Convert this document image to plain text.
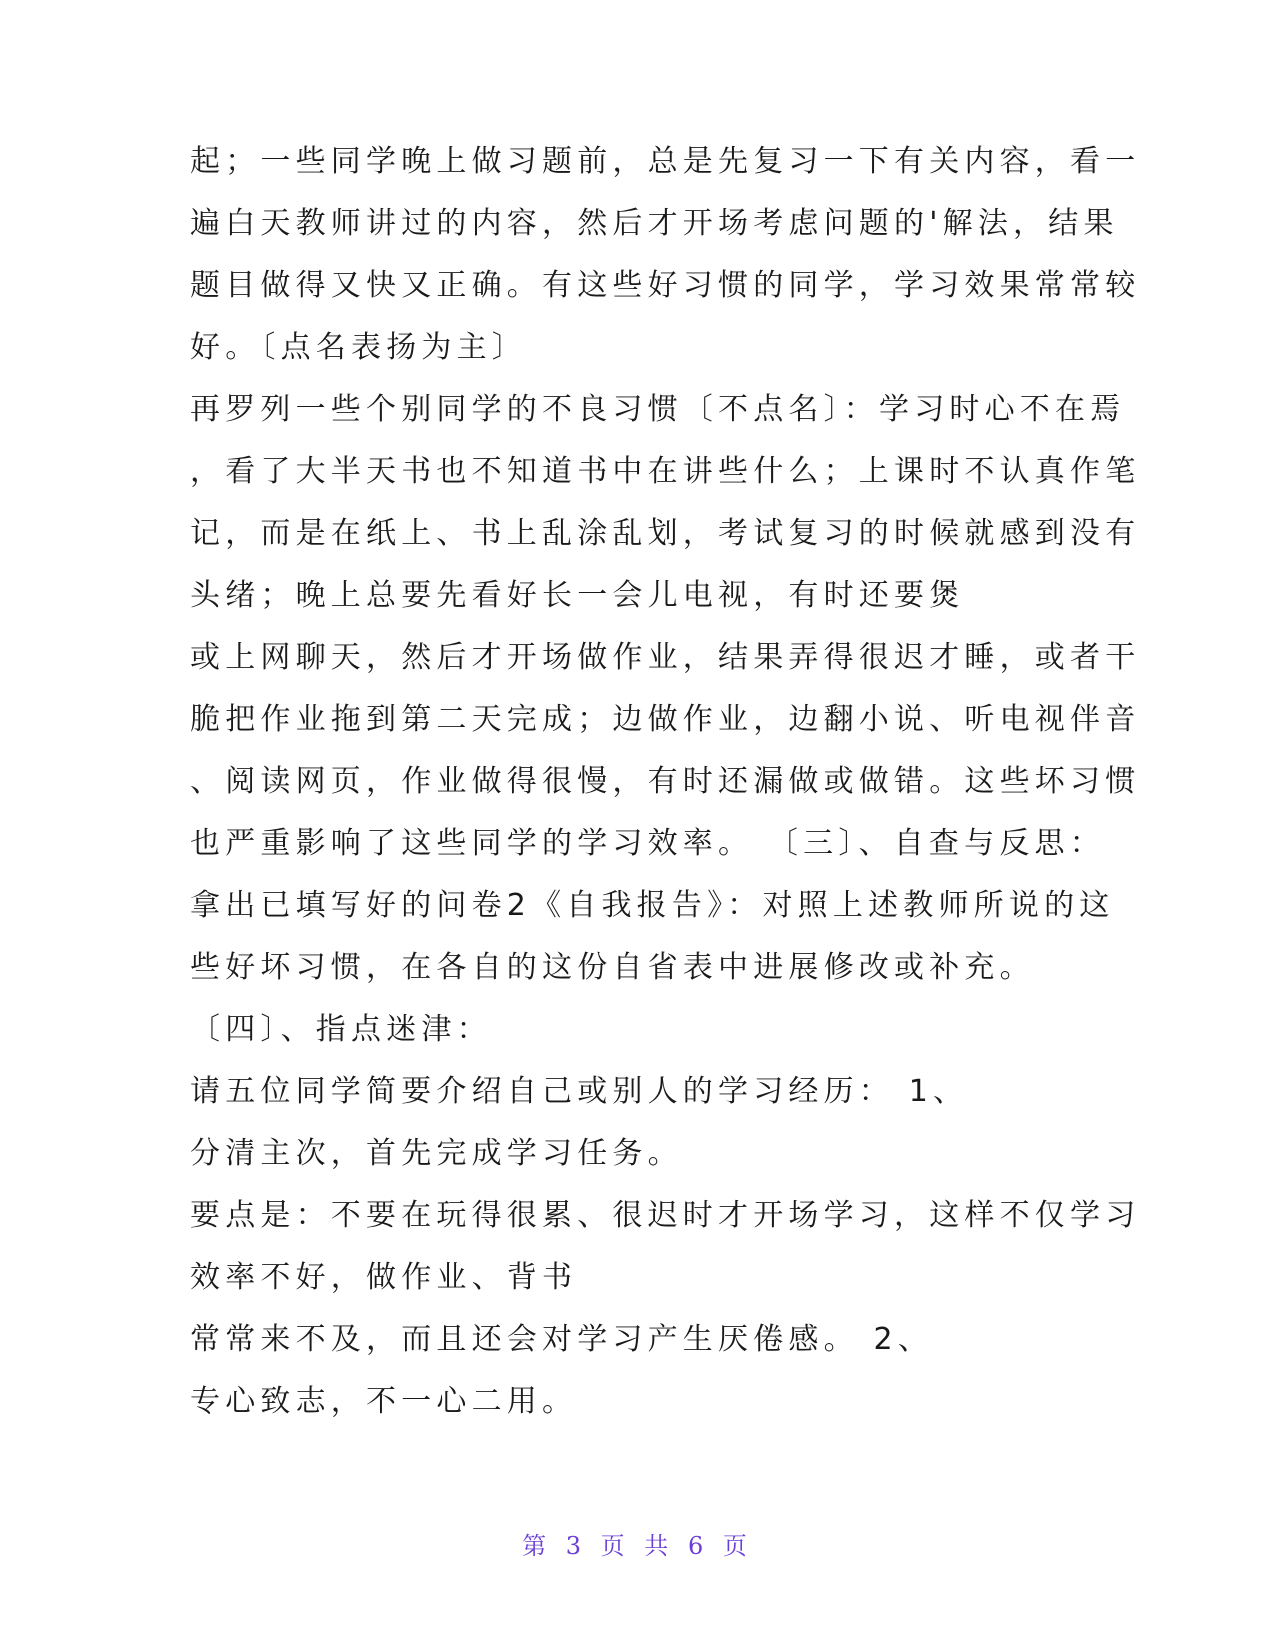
起；一些同学晚上做习题前，总是先复习一下有关内容，看一
遍白天教师讲过的内容，然后才开场考虑问题的'解法，结果
题目做得又快又正确。有这些好习惯的同学，学习效果常常较
好。〔点名表扬为主〕
再罗列一些个别同学的不良习惯〔不点名〕：学习时心不在焉
，看了大半天书也不知道书中在讲些什么；上课时不认真作笔
记，而是在纸上、书上乱涂乱划，考试复习的时候就感到没有
头绪；晚上总要先看好长一会儿电视，有时还要煲
或上网聊天，然后才开场做作业，结果弄得很迟才睡，或者干
脆把作业拖到第二天完成；边做作业，边翻小说、听电视伴音
、阅读网页，作业做得很慢，有时还漏做或做错。这些坏习惯
也严重影响了这些同学的学习效率。 〔三〕、自查与反思：
拿出已填写好的问卷2《自我报告》：对照上述教师所说的这
些好坏习惯，在各自的这份自省表中进展修改或补充。
〔四〕、指点迷津：
请五位同学简要介绍自己或别人的学习经历： 1、
分清主次，首先完成学习任务。
要点是：不要在玩得很累、很迟时才开场学习，这样不仅学习
效率不好，做作业、背书
常常来不及，而且还会对学习产生厌倦感。 2、
专心致志，不一心二用。
第 3 页 共 6 页
